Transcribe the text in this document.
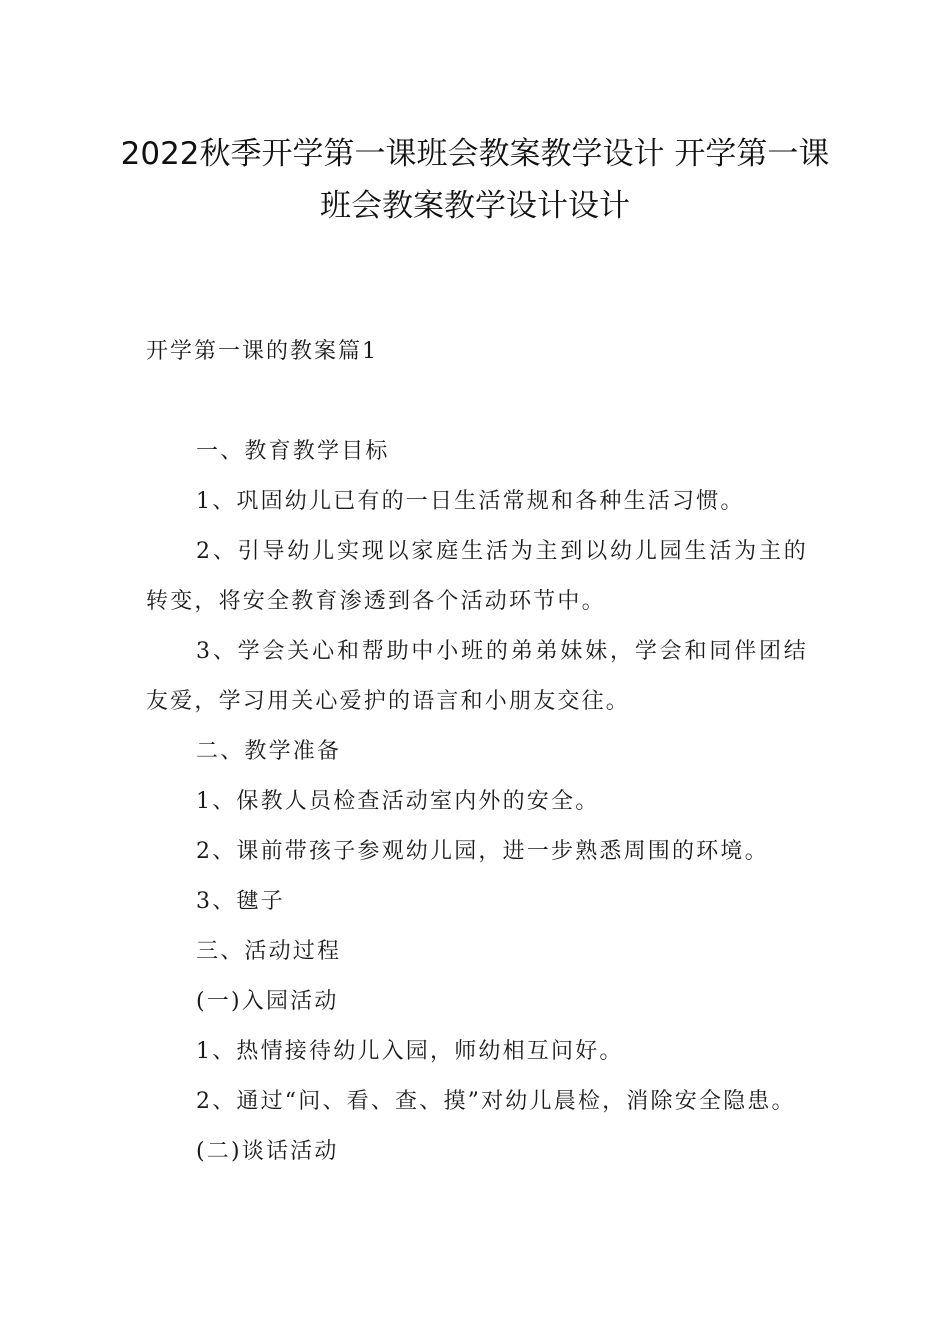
2022秋季开学第一课班会教案教学设计 开学第一课
班会教案教学设计设计
开学第一课的教案篇1

一、教育教学目标

1、巩固幼儿已有的一日生活常规和各种生活习惯。

2、引导幼儿实现以家庭生活为主到以幼儿园生活为主的转变，将安全教育渗透到各个活动环节中。

3、学会关心和帮助中小班的弟弟妹妹，学会和同伴团结友爱，学习用关心爱护的语言和小朋友交往。

二、教学准备

1、保教人员检查活动室内外的安全。

2、课前带孩子参观幼儿园，进一步熟悉周围的环境。

3、毽子

三、活动过程

(一)入园活动

1、热情接待幼儿入园，师幼相互问好。

2、通过“问、看、查、摸”对幼儿晨检，消除安全隐患。

(二)谈话活动
